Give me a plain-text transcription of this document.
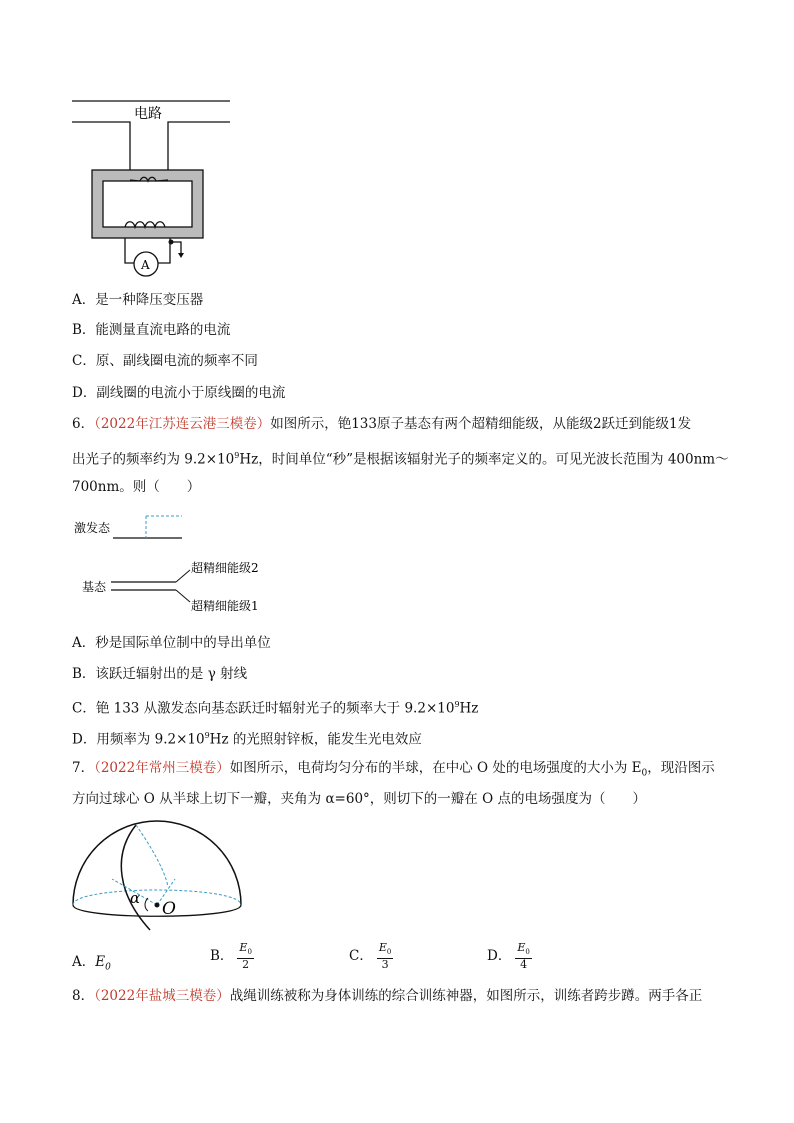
电路
A
A．是一种降压变压器
B．能测量直流电路的电流
C．原、副线圈电流的频率不同
D．副线圈的电流小于原线圈的电流
6．（2022年江苏连云港三模卷）如图所示，铯133原子基态有两个超精细能级，从能级2跃迁到能级1发
出光子的频率约为 $9.2\times 10^9Hz$，时间单位“秒”是根据该辐射光子的频率定义的。可见光波长范围为 400nm～
700nm。则（　　）
激发态
基态
超精细能级2
超精细能级1
A．秒是国际单位制中的导出单位
B．该跃迁辐射出的是 γ 射线
C．铯 133 从激发态向基态跃迁时辐射光子的频率大于 $9.2\times 10^9Hz$
D．用频率为 $9.2\times 10^9Hz$ 的光照射锌板，能发生光电效应
7．（2022年常州三模卷）如图所示，电荷均匀分布的半球，在中心 O 处的电场强度的大小为 $E_0$，现沿图示
方向过球心 O 从半球上切下一瓣，夹角为 α=60°，则切下的一瓣在 O 点的电场强度为（　　）
α
O
A．$E_0$
B． $\frac{E_0}{2}$	C． $\frac{E_0}{3}$	D． $\frac{E_0}{4}$
8．（2022年盐城三模卷）战绳训练被称为身体训练的综合训练神器，如图所示，训练者跨步蹲。两手各正
